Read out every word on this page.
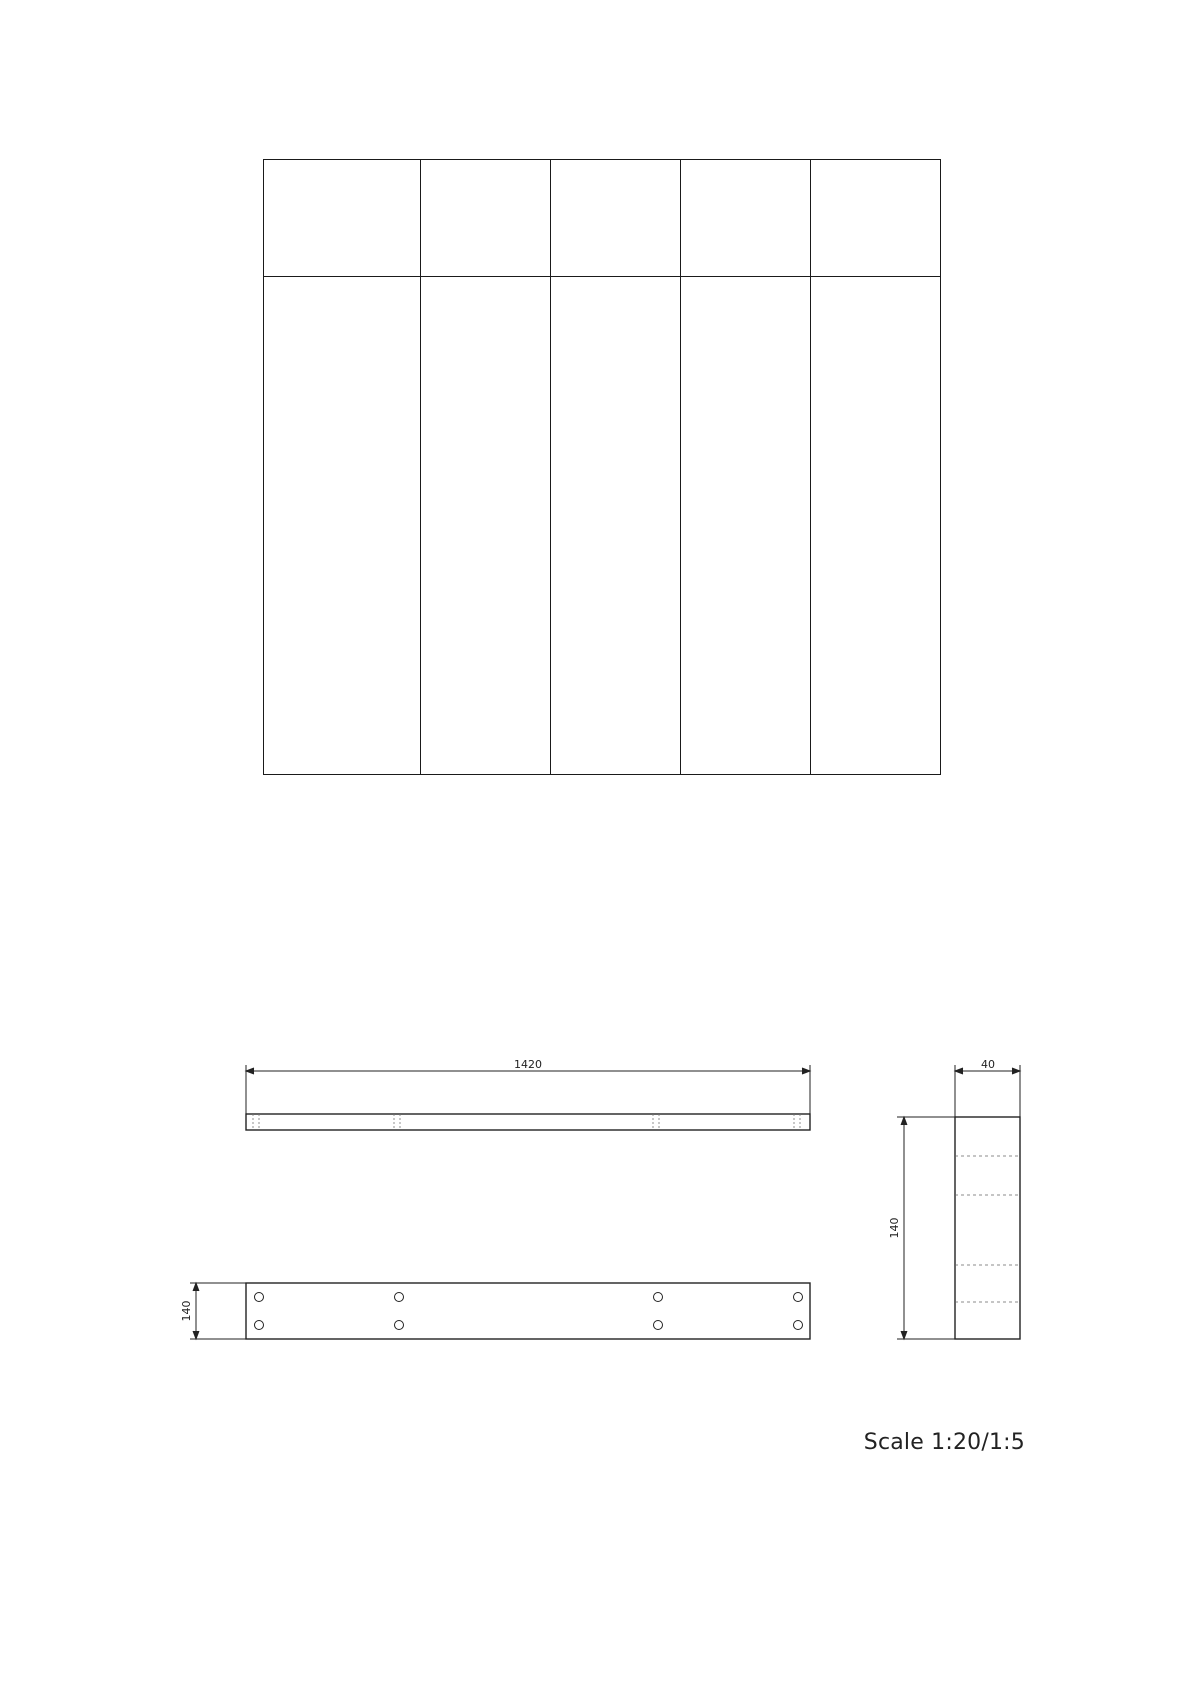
1420
140
40
140
Scale 1:20/1:5
